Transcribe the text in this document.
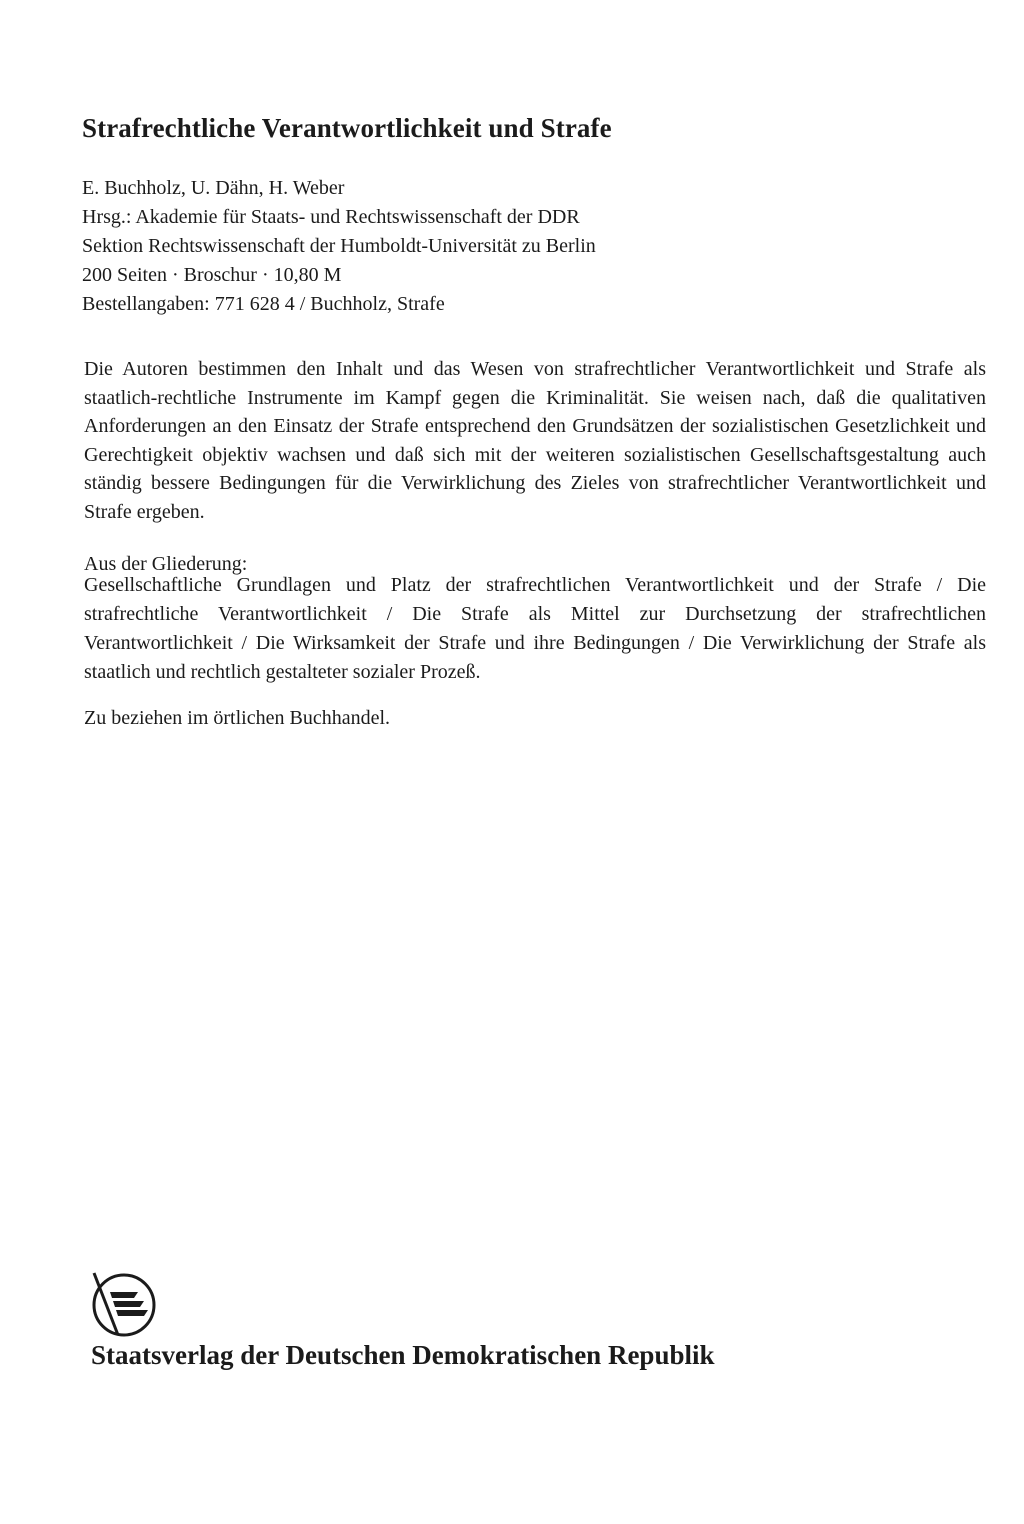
Strafrechtliche Verantwortlichkeit und Strafe
E. Buchholz, U. Dähn, H. Weber
Hrsg.: Akademie für Staats- und Rechtswissenschaft der DDR
Sektion Rechtswissenschaft der Humboldt-Universität zu Berlin
200 Seiten · Broschur · 10,80 M
Bestellangaben: 771 628 4 / Buchholz, Strafe
Die Autoren bestimmen den Inhalt und das Wesen von strafrechtlicher Verantwortlichkeit und Strafe als staatlich-rechtliche Instrumente im Kampf gegen die Kriminalität. Sie weisen nach, daß die qualitativen Anforderungen an den Einsatz der Strafe entsprechend den Grundsätzen der sozialistischen Gesetzlichkeit und Gerechtigkeit objektiv wachsen und daß sich mit der weiteren sozialistischen Gesellschaftsgestaltung auch ständig bessere Bedingungen für die Verwirklichung des Zieles von strafrechtlicher Verantwortlichkeit und Strafe ergeben.
Aus der Gliederung:
Gesellschaftliche Grundlagen und Platz der strafrechtlichen Verantwortlichkeit und der Strafe / Die strafrechtliche Verantwortlichkeit / Die Strafe als Mittel zur Durchsetzung der strafrechtlichen Verantwortlichkeit / Die Wirksamkeit der Strafe und ihre Bedingungen / Die Verwirklichung der Strafe als staatlich und rechtlich gestalteter sozialer Prozeß.
Zu beziehen im örtlichen Buchhandel.
Staatsverlag der Deutschen Demokratischen Republik
